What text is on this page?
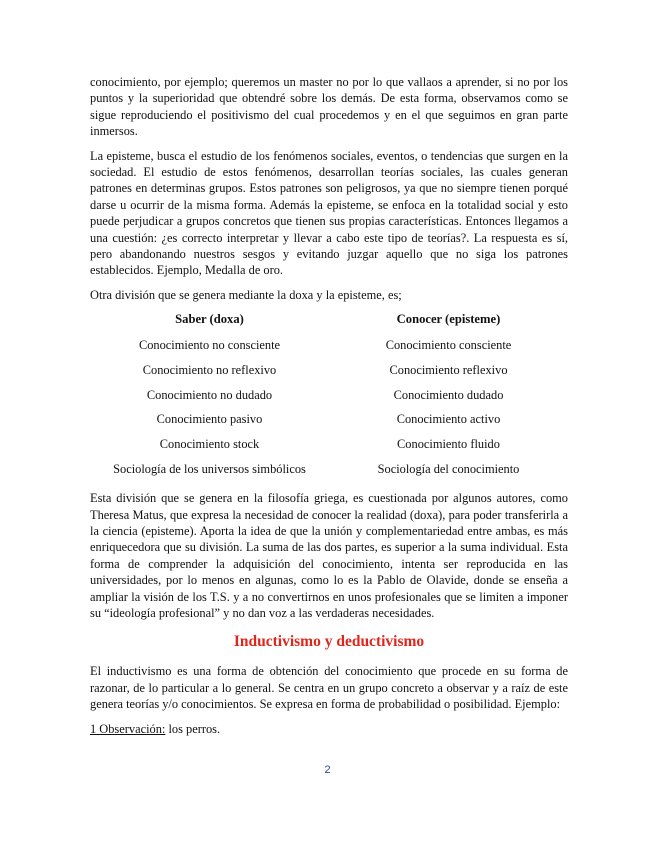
conocimiento, por ejemplo; queremos un master no por lo que vallaos a aprender, si no por los puntos y la superioridad que obtendré sobre los demás. De esta forma, observamos como se sigue reproduciendo el positivismo del cual procedemos y en el que seguimos en gran parte inmersos.

La episteme, busca el estudio de los fenómenos sociales, eventos, o tendencias que surgen en la sociedad. El estudio de estos fenómenos, desarrollan teorías sociales, las cuales generan patrones en determinas grupos. Estos patrones son peligrosos, ya que no siempre tienen porqué darse u ocurrir de la misma forma. Además la episteme, se enfoca en la totalidad social y esto puede perjudicar a grupos concretos que tienen sus propias características. Entonces llegamos a una cuestión: ¿es correcto interpretar y llevar a cabo este tipo de teorías?. La respuesta es sí, pero abandonando nuestros sesgos y evitando juzgar aquello que no siga los patrones establecidos. Ejemplo, Medalla de oro.

Otra división que se genera mediante la doxa y la episteme, es;

Saber (doxa)	Conocer (episteme)
Conocimiento no consciente	Conocimiento consciente
Conocimiento no reflexivo	Conocimiento reflexivo
Conocimiento no dudado	Conocimiento dudado
Conocimiento pasivo	Conocimiento activo
Conocimiento stock	Conocimiento fluido
Sociología de los universos simbólicos	Sociología del conocimiento

Esta división que se genera en la filosofía griega, es cuestionada por algunos autores, como Theresa Matus, que expresa la necesidad de conocer la realidad (doxa), para poder transferirla a la ciencia (episteme). Aporta la idea de que la unión y complementariedad entre ambas, es más enriquecedora que su división. La suma de las dos partes, es superior a la suma individual. Esta forma de comprender la adquisición del conocimiento, intenta ser reproducida en las universidades, por lo menos en algunas, como lo es la Pablo de Olavide, donde se enseña a ampliar la visión de los T.S. y a no convertirnos en unos profesionales que se limiten a imponer su “ideología profesional” y no dan voz a las verdaderas necesidades.

Inductivismo y deductivismo

El inductivismo es una forma de obtención del conocimiento que procede en su forma de razonar, de lo particular a lo general. Se centra en un grupo concreto a observar y a raíz de este genera teorías y/o conocimientos. Se expresa en forma de probabilidad o posibilidad. Ejemplo:

1 Observación: los perros.

2
